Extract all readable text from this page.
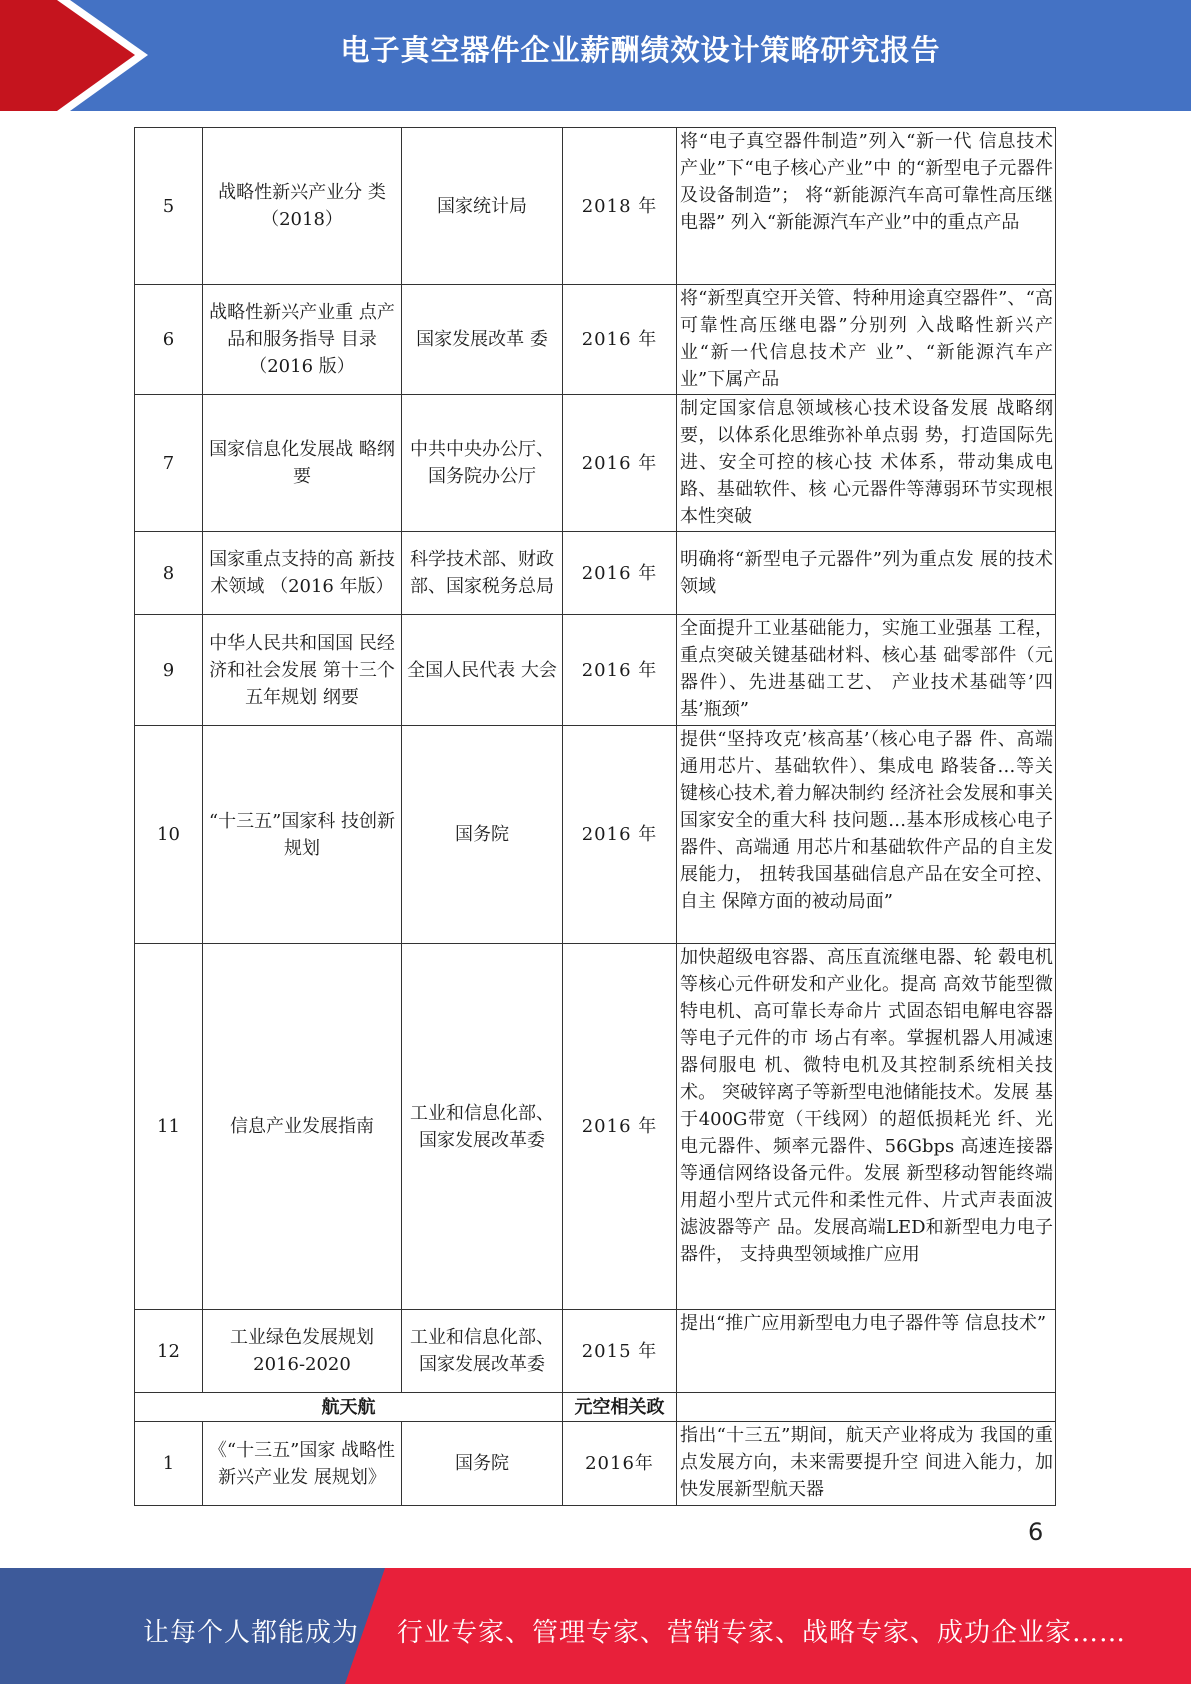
电子真空器件企业薪酬绩效设计策略研究报告
5	战略性新兴产业分 类（2018）	国家统计局	2018 年	将“电子真空器件制造”列入“新一代 信息技术产业”下“电子核心产业”中 的“新型电子元器件及设备制造”； 将“新能源汽车高可靠性高压继电器” 列入“新能源汽车产业”中的重点产品
6	战略性新兴产业重 点产品和服务指导 目录（2016 版）	国家发展改革 委	2016 年	将“新型真空开关管、特种用途真空器件”、“高可靠性高压继电器”分别列 入战略性新兴产业“新一代信息技术产 业”、“新能源汽车产业”下属产品
7	国家信息化发展战 略纲要	中共中央办公厅、国务院办公厅	2016 年	制定国家信息领域核心技术设备发展 战略纲要，以体系化思维弥补单点弱 势，打造国际先进、安全可控的核心技 术体系，带动集成电路、基础软件、核 心元器件等薄弱环节实现根本性突破
8	国家重点支持的高 新技术领域 （2016 年版）	科学技术部、财政部、国家税务总局	2016 年	明确将“新型电子元器件”列为重点发 展的技术领域
9	中华人民共和国国 民经济和社会发展 第十三个五年规划 纲要	全国人民代表 大会	2016 年	全面提升工业基础能力，实施工业强基 工程，重点突破关键基础材料、核心基 础零部件（元器件）、先进基础工艺、 产业技术基础等’四基’瓶颈”
10	“十三五”国家科 技创新规划	国务院	2016 年	提供“坚持攻克’核高基’（核心电子器 件、高端通用芯片、基础软件）、集成电 路装备…等关键核心技术,着力解决制约 经济社会发展和事关国家安全的重大科 技问题…基本形成核心电子器件、高端通 用芯片和基础软件产品的自主发展能力， 扭转我国基础信息产品在安全可控、自主 保障方面的被动局面”
11	信息产业发展指南	工业和信息化部、国家发展改革委	2016 年	加快超级电容器、高压直流继电器、轮 毂电机等核心元件研发和产业化。提高 高效节能型微特电机、高可靠长寿命片 式固态铝电解电容器等电子元件的市 场占有率。掌握机器人用减速器伺服电 机、微特电机及其控制系统相关技术。 突破锌离子等新型电池储能技术。发展 基于400G带宽（干线网）的超低损耗光 纤、光电元器件、频率元器件、56Gbps 高速连接器等通信网络设备元件。发展 新型移动智能终端用超小型片式元件和柔性元件、片式声表面波滤波器等产 品。发展高端LED和新型电力电子器件， 支持典型领域推广应用
12	工业绿色发展规划 2016-2020	工业和信息化部、国家发展改革委	2015 年	提出“推广应用新型电力电子器件等 信息技术”
航天航			元空相关政	
1	《“十三五”国家 战略性新兴产业发 展规划》	国务院	2016年	指出“十三五”期间，航天产业将成为 我国的重点发展方向，未来需要提升空 间进入能力，加快发展新型航天器
6
让每个人都能成为 行业专家、管理专家、营销专家、战略专家、成功企业家……
